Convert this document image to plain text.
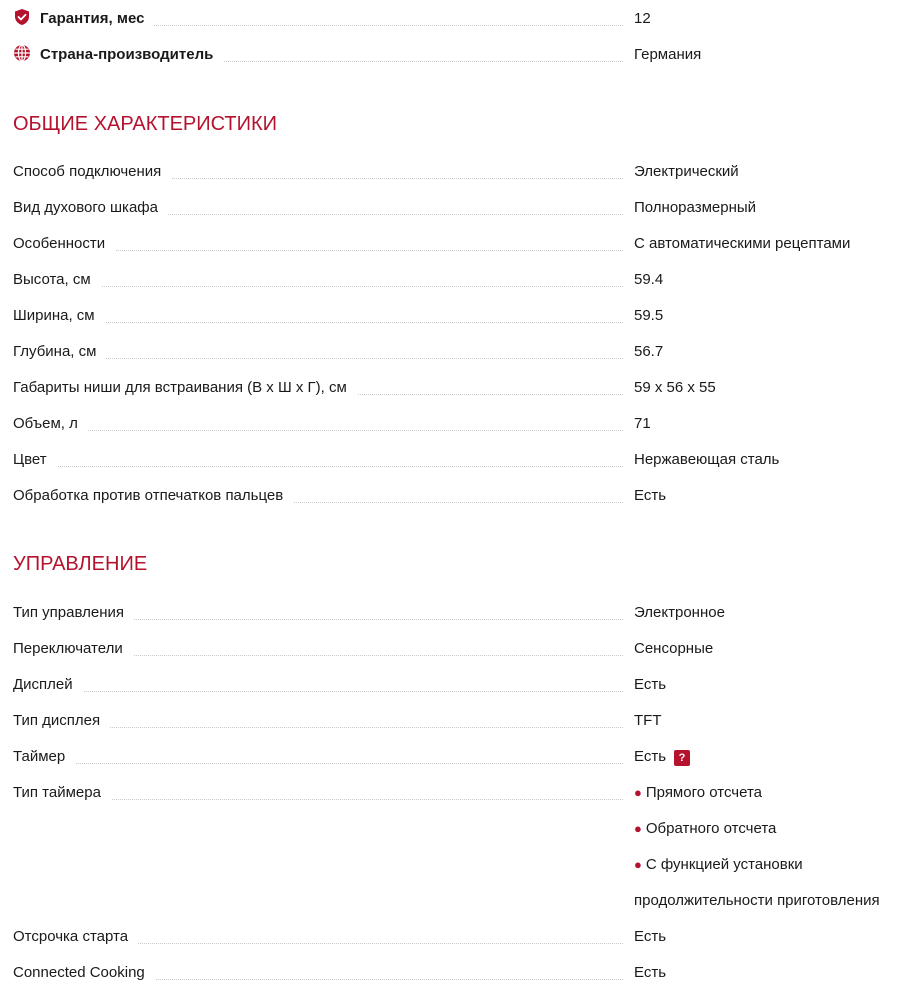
Гарантия, мес	12
Страна-производитель	Германия
ОБЩИЕ ХАРАКТЕРИСТИКИ
Способ подключения	Электрический
Вид духового шкафа	Полноразмерный
Особенности	С автоматическими рецептами
Высота, см	59.4
Ширина, см	59.5
Глубина, см	56.7
Габариты ниши для встраивания (В х Ш х Г), см	59 х 56 х 55
Объем, л	71
Цвет	Нержавеющая сталь
Обработка против отпечатков пальцев	Есть
УПРАВЛЕНИЕ
Тип управления	Электронное
Переключатели	Сенсорные
Дисплей	Есть
Тип дисплея	TFT
Таймер	Есть ?
Тип таймера	● Прямого отсчета
● Обратного отсчета
● С функцией установки
продолжительности приготовления
Отсрочка старта	Есть
Connected Cooking	Есть
